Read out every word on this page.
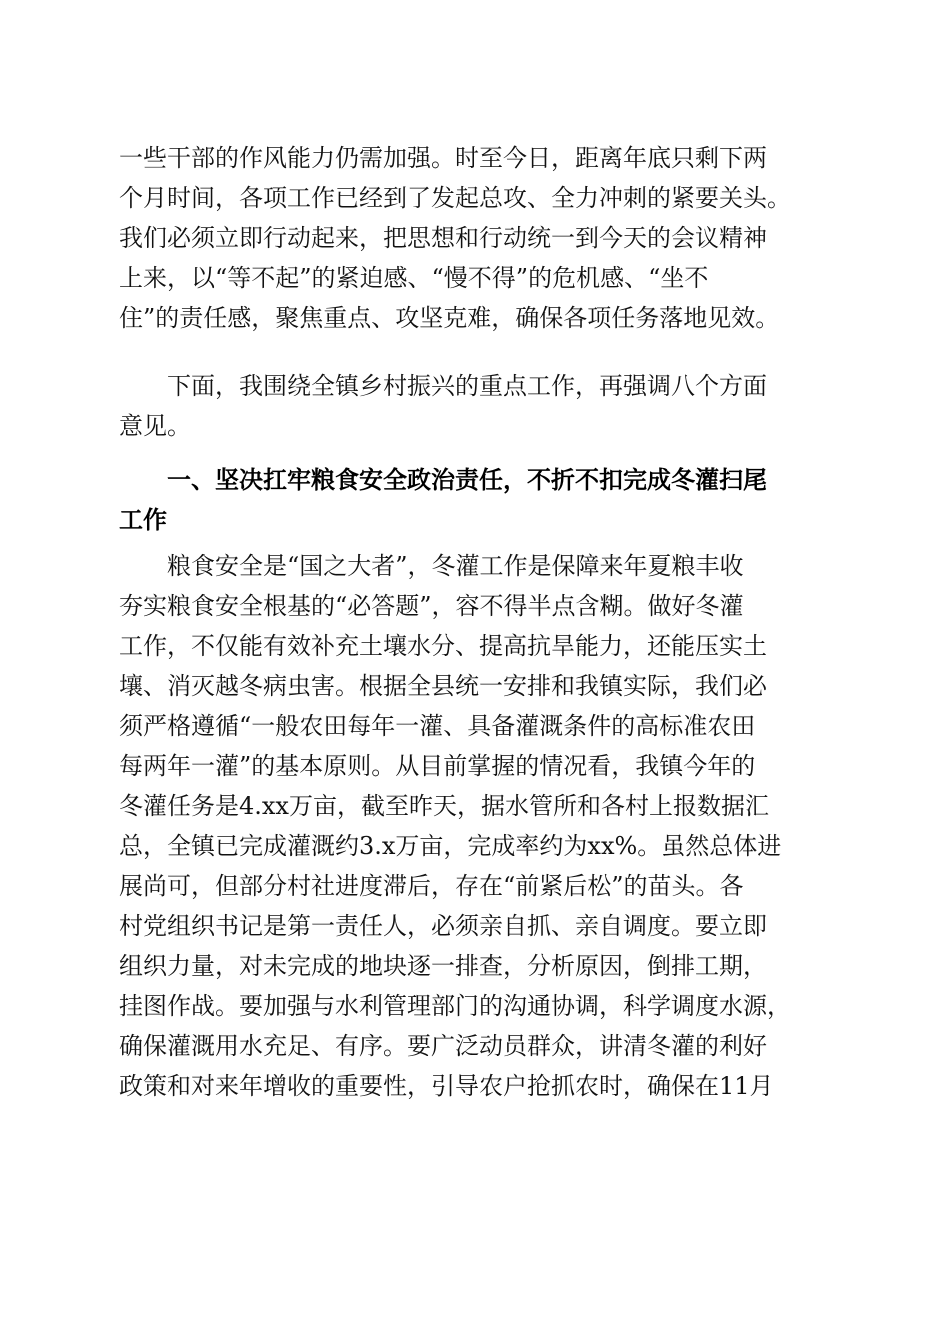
一些干部的作风能力仍需加强。时至今日，距离年底只剩下两
个月时间，各项工作已经到了发起总攻、全力冲刺的紧要关头。
我们必须立即行动起来，把思想和行动统一到今天的会议精神
上来，以“等不起”的紧迫感、“慢不得”的危机感、“坐不
住”的责任感，聚焦重点、攻坚克难，确保各项任务落地见效。
　　下面，我围绕全镇乡村振兴的重点工作，再强调八个方面
意见。
　　一、坚决扛牢粮食安全政治责任，不折不扣完成冬灌扫尾
工作
　　粮食安全是“国之大者”，冬灌工作是保障来年夏粮丰收
夯实粮食安全根基的“必答题”，容不得半点含糊。做好冬灌
工作，不仅能有效补充土壤水分、提高抗旱能力，还能压实土
壤、消灭越冬病虫害。根据全县统一安排和我镇实际，我们必
须严格遵循“一般农田每年一灌、具备灌溉条件的高标准农田
每两年一灌”的基本原则。从目前掌握的情况看，我镇今年的
冬灌任务是4.xx万亩，截至昨天，据水管所和各村上报数据汇
总，全镇已完成灌溉约3.x万亩，完成率约为xx%。虽然总体进
展尚可，但部分村社进度滞后，存在“前紧后松”的苗头。各
村党组织书记是第一责任人，必须亲自抓、亲自调度。要立即
组织力量，对未完成的地块逐一排查，分析原因，倒排工期，
挂图作战。要加强与水利管理部门的沟通协调，科学调度水源，
确保灌溉用水充足、有序。要广泛动员群众，讲清冬灌的利好
政策和对来年增收的重要性，引导农户抢抓农时，确保在11月
